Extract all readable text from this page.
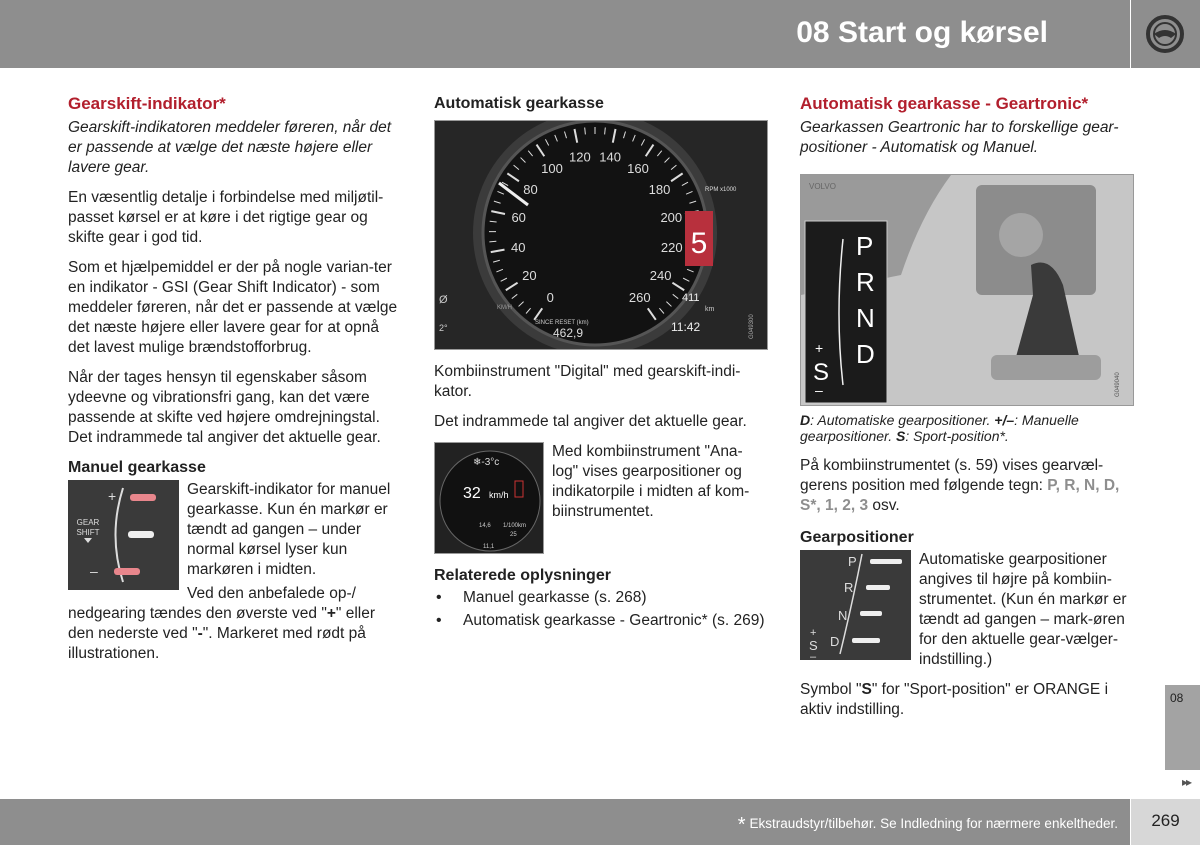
08 Start og kørsel
Gearskift-indikator*

Gearskift-indikatoren meddeler føreren, når det er passende at vælge det næste højere eller lavere gear.

En væsentlig detalje i forbindelse med miljøtil-passet kørsel er at køre i det rigtige gear og skifte gear i god tid.

Som et hjælpemiddel er der på nogle varian-ter en indikator - GSI (Gear Shift Indicator) - som meddeler føreren, når det er passende at vælge det næste højere eller lavere gear for at opnå det lavest mulige brændstofforbrug.

Når der tages hensyn til egenskaber såsom ydeevne og vibrationsfri gang, kan det være passende at skifte ved højere omdrejningstal. Det indrammede tal angiver det aktuelle gear.

Manuel gearkasse
+
GEAR
SHIFT
–

Gearskift-indikator for manuel gearkasse. Kun én markør er tændt ad gangen – under normal kørsel lyser kun markøren i midten.

Ved den anbefalede op-/ nedgearing tændes den øverste ved "+" eller den nederste ved "-". Markeret med rødt på illustrationen.

Automatisk gearkasse
0
20
40
60
80
100
120 140
160
180
200
220
240
260
KM/H
SINCE RESET (km)
462,9
5
RPM x1000
411
km
11:42
Ø
2°	G049300

Kombiinstrument "Digital" med gearskift-indi-kator.

Det indrammede tal angiver det aktuelle gear.

❄-3°c
32 km/h
14,6 1/100km
11,1
25

Med kombiinstrument "Ana-log" vises gearpositioner og indikatorpile i midten af kom-biinstrumentet.

Relaterede oplysninger
• Manuel gearkasse (s. 268)
• Automatisk gearkasse - Geartronic* (s. 269)
Automatisk gearkasse - Geartronic*

Gearkassen Geartronic har to forskellige gear-positioner - Automatisk og Manuel.

VOLVO
P
R
N
D
+
S
–	G049040

D: Automatiske gearpositioner. +/–: Manuelle gearpositioner. S: Sport-position*.

På kombiinstrumentet (s. 59) vises gearvæl-gerens position med følgende tegn: P, R, N, D, S*, 1, 2, 3 osv.

Gearpositioner
P
R
N
D
+
S
–

Automatiske gearpositioner angives til højre på kombiin-strumentet. (Kun én markør er tændt ad gangen – mark-øren for den aktuelle gear-vælger-indstilling.)

Symbol "S" for "Sport-position" er ORANGE i aktiv indstilling.

08
▸▸
* Ekstraudstyr/tilbehør. Se Indledning for nærmere enkeltheder.	269
